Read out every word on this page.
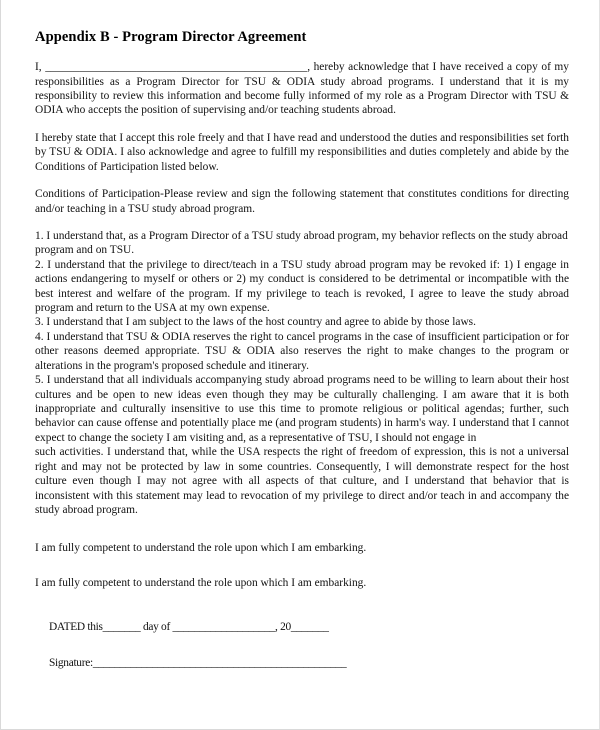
Appendix B - Program Director Agreement

I, ______________________________________________, hereby acknowledge that I have received a copy of my responsibilities as a Program Director for TSU & ODIA study abroad programs. I understand that it is my responsibility to review this information and become fully informed of my role as a Program Director with TSU & ODIA who accepts the position of supervising and/or teaching students abroad.

I hereby state that I accept this role freely and that I have read and understood the duties and responsibilities set forth by TSU & ODIA. I also acknowledge and agree to fulfill my responsibilities and duties completely and abide by the Conditions of Participation listed below.

Conditions of Participation-Please review and sign the following statement that constitutes conditions for directing and/or teaching in a TSU study abroad program.

1. I understand that, as a Program Director of a TSU study abroad program, my behavior reflects on the study abroad program and on TSU.

2. I understand that the privilege to direct/teach in a TSU study abroad program may be revoked if: 1) I engage in actions endangering to myself or others or 2) my conduct is considered to be detrimental or incompatible with the best interest and welfare of the program. If my privilege to teach is revoked, I agree to leave the study abroad program and return to the USA at my own expense.

3. I understand that I am subject to the laws of the host country and agree to abide by those laws.

4. I understand that TSU & ODIA reserves the right to cancel programs in the case of insufficient participation or for other reasons deemed appropriate. TSU & ODIA also reserves the right to make changes to the program or alterations in the program's proposed schedule and itinerary.

5. I understand that all individuals accompanying study abroad programs need to be willing to learn about their host cultures and be open to new ideas even though they may be culturally challenging. I am aware that it is both inappropriate and culturally insensitive to use this time to promote religious or political agendas; further, such behavior can cause offense and potentially place me (and program students) in harm's way. I understand that I cannot expect to change the society I am visiting and, as a representative of TSU, I should not engage in

such activities. I understand that, while the USA respects the right of freedom of expression, this is not a universal right and may not be protected by law in some countries. Consequently, I will demonstrate respect for the host culture even though I may not agree with all aspects of that culture, and I understand that behavior that is inconsistent with this statement may lead to revocation of my privilege to direct and/or teach in and accompany the study abroad program.

I am fully competent to understand the role upon which I am embarking.

I am fully competent to understand the role upon which I am embarking.

DATED this_______ day of ___________________, 20_______

Signature:_______________________________________________
